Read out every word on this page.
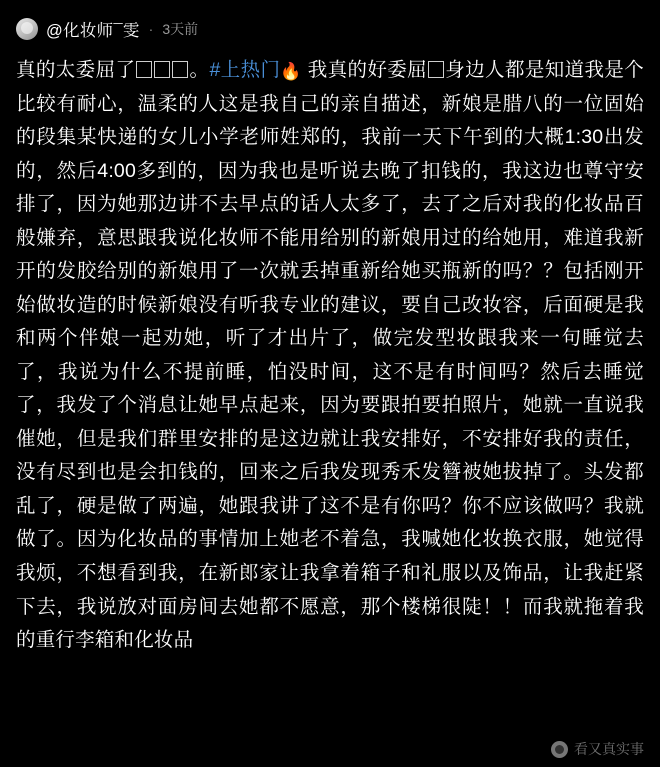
@化妆师¯雯 · 3天前
真的太委屈了	。#上热门🔥 我真的好委屈 身边人都是知道我是个比较有耐心，温柔的人这是我自己的亲自描述，新娘是腊八的一位固始的段集某快递的女儿小学老师姓郑的，我前一天下午到的大概1:30出发的，然后4:00多到的，因为我也是听说去晚了扣钱的，我这边也尊守安排了，因为她那边讲不去早点的话人太多了，去了之后对我的化妆品百般嫌弃，意思跟我说化妆师不能用给别的新娘用过的给她用，难道我新开的发胶给别的新娘用了一次就丢掉重新给她买瓶新的吗？？包括刚开始做妆造的时候新娘没有听我专业的建议，要自己改妆容，后面硬是我和两个伴娘一起劝她，听了才出片了，做完发型妆跟我来一句睡觉去了，我说为什么不提前睡，怕没时间，这不是有时间吗？然后去睡觉了，我发了个消息让她早点起来，因为要跟拍要拍照片，她就一直说我催她，但是我们群里安排的是这边就让我安排好，不安排好我的责任，没有尽到也是会扣钱的，回来之后我发现秀禾发簪被她拔掉了。头发都乱了，硬是做了两遍，她跟我讲了这不是有你吗？你不应该做吗？我就做了。因为化妆品的事情加上她老不着急，我喊她化妆换衣服，她觉得我烦，不想看到我，在新郎家让我拿着箱子和礼服以及饰品，让我赶紧下去，我说放对面房间去她都不愿意，那个楼梯很陡！！而我就拖着我的重行李箱和化妆品
看又真实事
